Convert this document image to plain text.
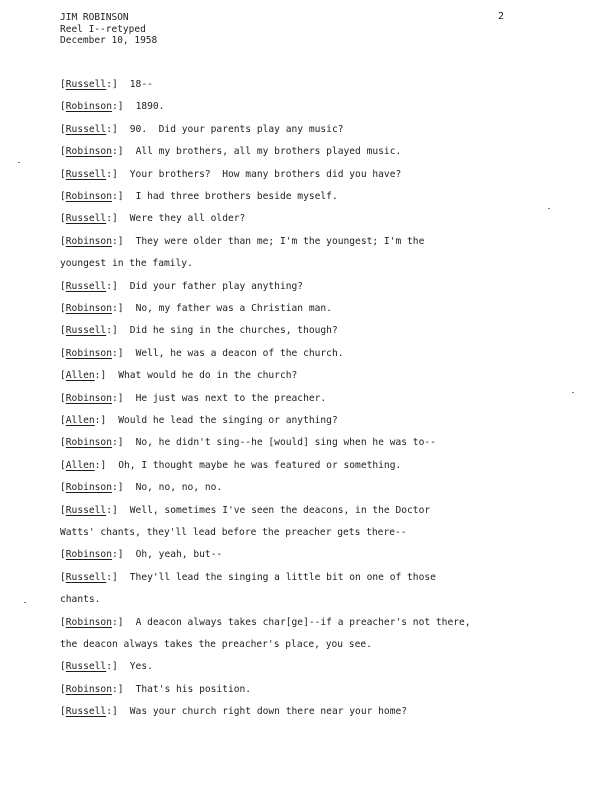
JIM ROBINSON
Reel I--retyped
December 10, 1958
2
[Russell:] 18--
[Robinson:] 1890.
[Russell:] 90.  Did your parents play any music?
[Robinson:] All my brothers, all my brothers played music.
[Russell:] Your brothers?  How many brothers did you have?
[Robinson:] I had three brothers beside myself.
[Russell:] Were they all older?
[Robinson:] They were older than me; I'm the youngest; I'm the
youngest in the family.
[Russell:] Did your father play anything?
[Robinson:] No, my father was a Christian man.
[Russell:] Did he sing in the churches, though?
[Robinson:] Well, he was a deacon of the church.
[Allen:] What would he do in the church?
[Robinson:] He just was next to the preacher.
[Allen:] Would he lead the singing or anything?
[Robinson:] No, he didn't sing--he [would] sing when he was to--
[Allen:] Oh, I thought maybe he was featured or something.
[Robinson:] No, no, no, no.
[Russell:] Well, sometimes I've seen the deacons, in the Doctor
Watts' chants, they'll lead before the preacher gets there--
[Robinson:] Oh, yeah, but--
[Russell:] They'll lead the singing a little bit on one of those
chants.
[Robinson:] A deacon always takes char[ge]--if a preacher's not there,
the deacon always takes the preacher's place, you see.
[Russell:] Yes.
[Robinson:] That's his position.
[Russell:] Was your church right down there near your home?
